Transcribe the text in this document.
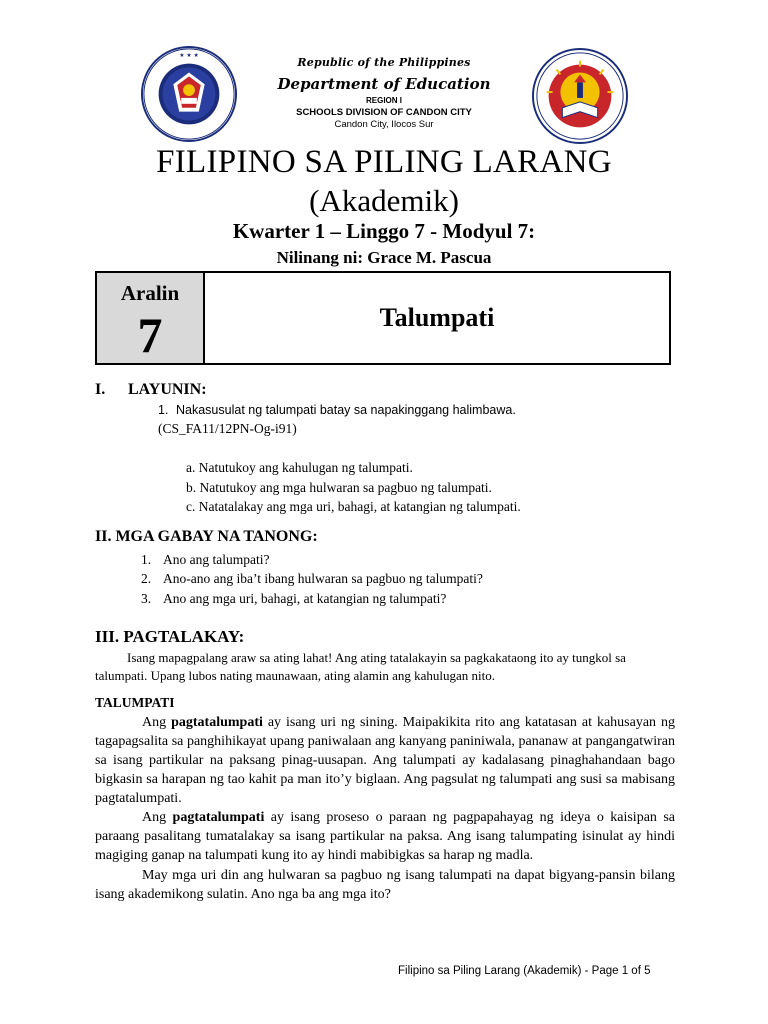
★ ★ ★
Republic of the Philippines
Department of Education
REGION I
SCHOOLS DIVISION OF CANDON CITY
Candon City, Ilocos Sur
FILIPINO SA PILING LARANG
(Akademik)
Kwarter 1 – Linggo 7 - Modyul 7:
Nilinang ni: Grace M. Pascua
Aralin
7	Talumpati
I. LAYUNIN:
1. Nakasusulat ng talumpati batay sa napakinggang halimbawa.
(CS_FA11/12PN-Og-i91)
a. Natutukoy ang kahulugan ng talumpati.
b. Natutukoy ang mga hulwaran sa pagbuo ng talumpati.
c. Natatalakay ang mga uri, bahagi, at katangian ng talumpati.
II. MGA GABAY NA TANONG:
1. Ano ang talumpati?
2. Ano-ano ang iba’t ibang hulwaran sa pagbuo ng talumpati?
3. Ano ang mga uri, bahagi, at katangian ng talumpati?
III. PAGTALAKAY:
Isang mapagpalang araw sa ating lahat! Ang ating tatalakayin sa pagkakataong ito ay tungkol sa
talumpati. Upang lubos nating maunawaan, ating alamin ang kahulugan nito.
TALUMPATI
Ang pagtatalumpati ay isang uri ng sining. Maipakikita rito ang katatasan at kahusayan ng tagapagsalita sa panghihikayat upang paniwalaan ang kanyang paniniwala, pananaw at pangangatwiran sa isang partikular na paksang pinag-uusapan. Ang talumpati ay kadalasang pinaghahandaan bago bigkasin sa harapan ng tao kahit pa man ito’y biglaan. Ang pagsulat ng talumpati ang susi sa mabisang pagtatalumpati.
Ang pagtatalumpati ay isang proseso o paraan ng pagpapahayag ng ideya o kaisipan sa paraang pasalitang tumatalakay sa isang partikular na paksa. Ang isang talumpating isinulat ay hindi magiging ganap na talumpati kung ito ay hindi mabibigkas sa harap ng madla.
May mga uri din ang hulwaran sa pagbuo ng isang talumpati na dapat bigyang-pansin bilang isang akademikong sulatin. Ano nga ba ang mga ito?
Filipino sa Piling Larang (Akademik) - Page 1 of 5
